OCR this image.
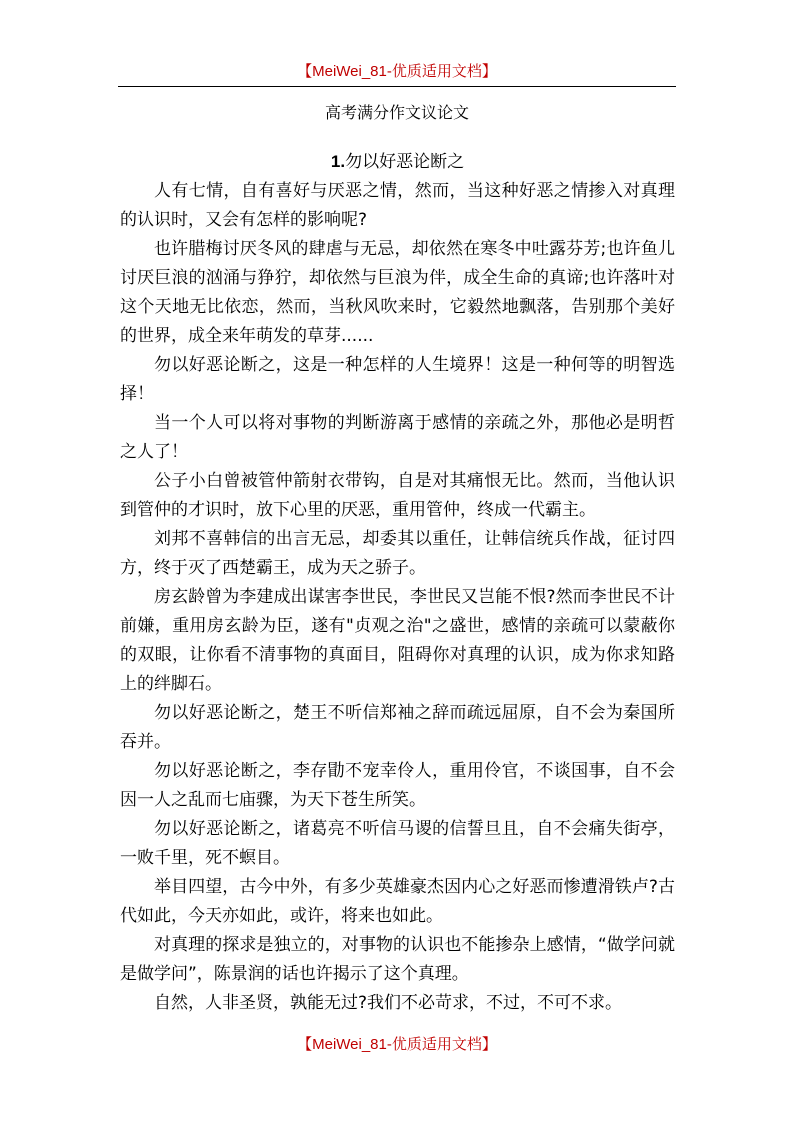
【MeiWei_81-优质适用文档】
高考满分作文议论文
1.勿以好恶论断之

人有七情，自有喜好与厌恶之情，然而，当这种好恶之情掺入对真理的认识时，又会有怎样的影响呢?

也许腊梅讨厌冬风的肆虐与无忌，却依然在寒冬中吐露芬芳;也许鱼儿讨厌巨浪的汹涌与狰狞，却依然与巨浪为伴，成全生命的真谛;也许落叶对这个天地无比依恋，然而，当秋风吹来时，它毅然地飘落，告别那个美好的世界，成全来年萌发的草芽......

勿以好恶论断之，这是一种怎样的人生境界！这是一种何等的明智选择！

当一个人可以将对事物的判断游离于感情的亲疏之外，那他必是明哲之人了！

公子小白曾被管仲箭射衣带钩，自是对其痛恨无比。然而，当他认识到管仲的才识时，放下心里的厌恶，重用管仲，终成一代霸主。

刘邦不喜韩信的出言无忌，却委其以重任，让韩信统兵作战，征讨四方，终于灭了西楚霸王，成为天之骄子。

房玄龄曾为李建成出谋害李世民，李世民又岂能不恨?然而李世民不计前嫌，重用房玄龄为臣，遂有"贞观之治"之盛世，感情的亲疏可以蒙蔽你的双眼，让你看不清事物的真面目，阻碍你对真理的认识，成为你求知路上的绊脚石。

勿以好恶论断之，楚王不听信郑袖之辞而疏远屈原，自不会为秦国所吞并。

勿以好恶论断之，李存勖不宠幸伶人，重用伶官，不谈国事，自不会因一人之乱而七庙骤，为天下苍生所笑。

勿以好恶论断之，诸葛亮不听信马谡的信誓旦且，自不会痛失街亭，一败千里，死不螟目。

举目四望，古今中外，有多少英雄豪杰因内心之好恶而惨遭滑铁卢?古代如此，今天亦如此，或许，将来也如此。

对真理的探求是独立的，对事物的认识也不能掺杂上感情，“做学问就是做学问”，陈景润的话也许揭示了这个真理。

自然，人非圣贤，孰能无过?我们不必苛求，不过，不可不求。

【MeiWei_81-优质适用文档】
